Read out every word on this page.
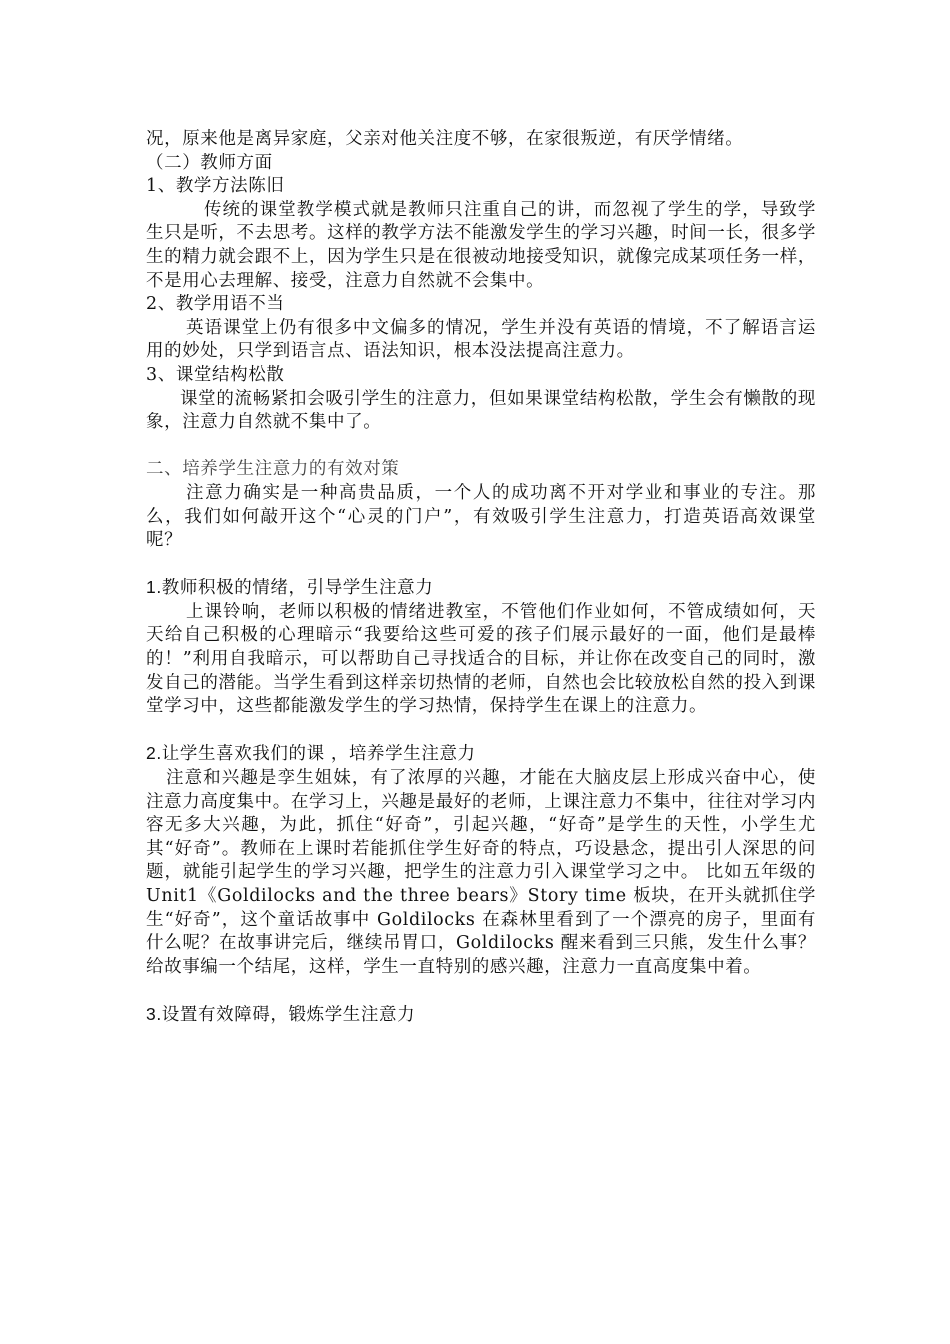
况，原来他是离异家庭，父亲对他关注度不够，在家很叛逆，有厌学情绪。

（二）教师方面

1、教学方法陈旧

传统的课堂教学模式就是教师只注重自己的讲，而忽视了学生的学，导致学生只是听，不去思考。这样的教学方法不能激发学生的学习兴趣，时间一长，很多学生的精力就会跟不上，因为学生只是在很被动地接受知识，就像完成某项任务一样，不是用心去理解、接受，注意力自然就不会集中。

2、教学用语不当

英语课堂上仍有很多中文偏多的情况，学生并没有英语的情境，不了解语言运用的妙处，只学到语言点、语法知识，根本没法提高注意力。

3、课堂结构松散

课堂的流畅紧扣会吸引学生的注意力，但如果课堂结构松散，学生会有懒散的现象，注意力自然就不集中了。

二、培养学生注意力的有效对策

注意力确实是一种高贵品质，一个人的成功离不开对学业和事业的专注。那么，我们如何敲开这个“心灵的门户”，有效吸引学生注意力，打造英语高效课堂呢？

1.教师积极的情绪，引导学生注意力

上课铃响，老师以积极的情绪进教室，不管他们作业如何，不管成绩如何，天天给自己积极的心理暗示“我要给这些可爱的孩子们展示最好的一面，他们是最棒的！”利用自我暗示，可以帮助自己寻找适合的目标，并让你在改变自己的同时，激发自己的潜能。当学生看到这样亲切热情的老师，自然也会比较放松自然的投入到课堂学习中，这些都能激发学生的学习热情，保持学生在课上的注意力。

2.让学生喜欢我们的课 ，培养学生注意力

注意和兴趣是孪生姐妹，有了浓厚的兴趣，才能在大脑皮层上形成兴奋中心，使注意力高度集中。在学习上，兴趣是最好的老师，上课注意力不集中，往往对学习内容无多大兴趣，为此，抓住“好奇”，引起兴趣，“好奇”是学生的天性，小学生尤其“好奇”。教师在上课时若能抓住学生好奇的特点，巧设悬念，提出引人深思的问题，就能引起学生的学习兴趣，把学生的注意力引入课堂学习之中。 比如五年级的 Unit1《Goldilocks and the three bears》Story time 板块，在开头就抓住学生“好奇”，这个童话故事中 Goldilocks 在森林里看到了一个漂亮的房子，里面有什么呢？在故事讲完后，继续吊胃口，Goldilocks 醒来看到三只熊，发生什么事？给故事编一个结尾，这样，学生一直特别的感兴趣，注意力一直高度集中着。

3.设置有效障碍，锻炼学生注意力
